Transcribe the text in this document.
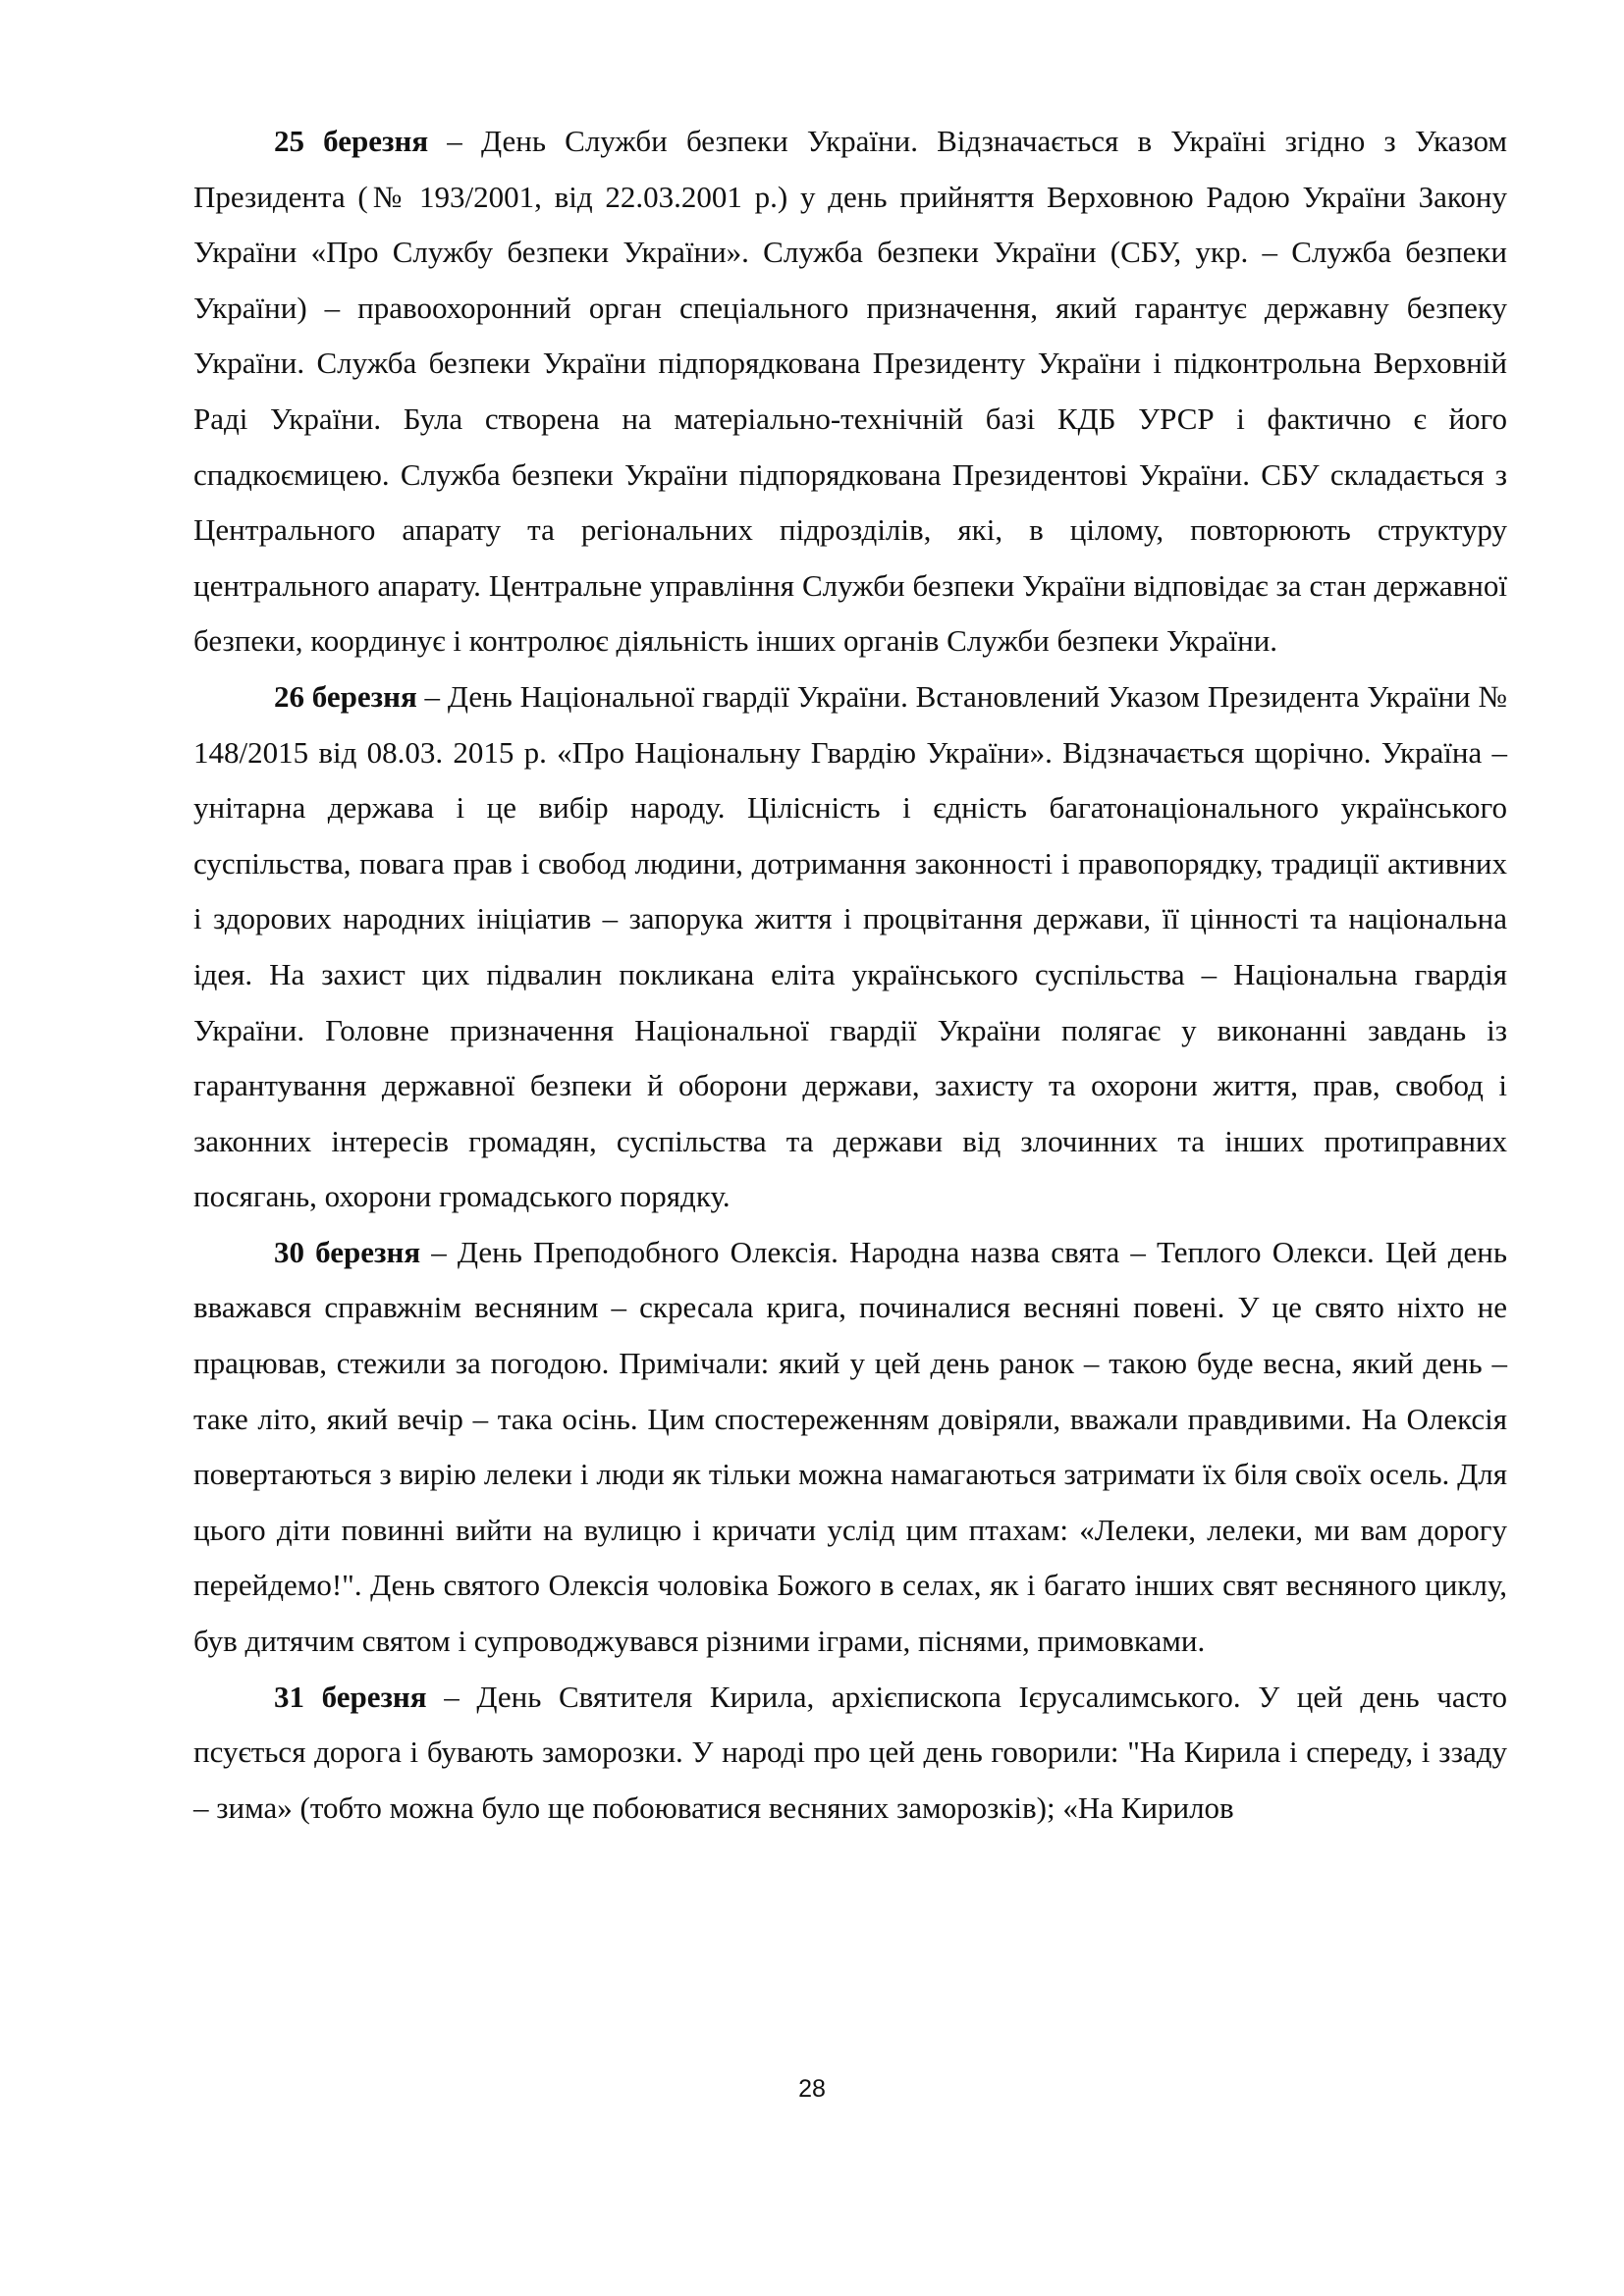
25 березня – День Служби безпеки України. Відзначається в Україні згідно з Указом Президента (№ 193/2001, від 22.03.2001 р.) у день прийняття Верховною Радою України Закону України «Про Службу безпеки України». Служба безпеки України (СБУ, укр. – Служба безпеки України) – правоохоронний орган спеціального призначення, який гарантує державну безпеку України. Служба безпеки України підпорядкована Президенту України і підконтрольна Верховній Раді України. Була створена на матеріально-технічній базі КДБ УРСР і фактично є його спадкоємицею. Служба безпеки України підпорядкована Президентові України. СБУ складається з Центрального апарату та регіональних підрозділів, які, в цілому, повторюють структуру центрального апарату. Центральне управління Служби безпеки України відповідає за стан державної безпеки, координує і контролює діяльність інших органів Служби безпеки України.

26 березня – День Національної гвардії України. Встановлений Указом Президента України № 148/2015 від 08.03. 2015 р. «Про Національну Гвардію України». Відзначається щорічно. Україна – унітарна держава і це вибір народу. Цілісність і єдність багатонаціонального українського суспільства, повага прав і свобод людини, дотримання законності і правопорядку, традиції активних і здорових народних ініціатив – запорука життя і процвітання держави, її цінності та національна ідея. На захист цих підвалин покликана еліта українського суспільства – Національна гвардія України. Головне призначення Національної гвардії України полягає у виконанні завдань із гарантування державної безпеки й оборони держави, захисту та охорони життя, прав, свобод і законних інтересів громадян, суспільства та держави від злочинних та інших протиправних посягань, охорони громадського порядку.

30 березня – День Преподобного Олексія. Народна назва свята – Теплого Олекси. Цей день вважався справжнім весняним – скресала крига, починалися весняні повені. У це свято ніхто не працював, стежили за погодою. Примічали: який у цей день ранок – такою буде весна, який день – таке літо, який вечір – така осінь. Цим спостереженням довіряли, вважали правдивими. На Олексія повертаються з вирію лелеки і люди як тільки можна намагаються затримати їх біля своїх осель. Для цього діти повинні вийти на вулицю і кричати услід цим птахам: «Лелеки, лелеки, ми вам дорогу перейдемо!". День святого Олексія чоловіка Божого в селах, як і багато інших свят весняного циклу, був дитячим святом і супроводжувався різними іграми, піснями, примовками.

31 березня – День Святителя Кирила, архієпископа Ієрусалимського. У цей день часто псується дорога і бувають заморозки. У народі про цей день говорили: "На Кирила і спереду, і ззаду – зима» (тобто можна було ще побоюватися весняних заморозків); «На Кирилов

28
